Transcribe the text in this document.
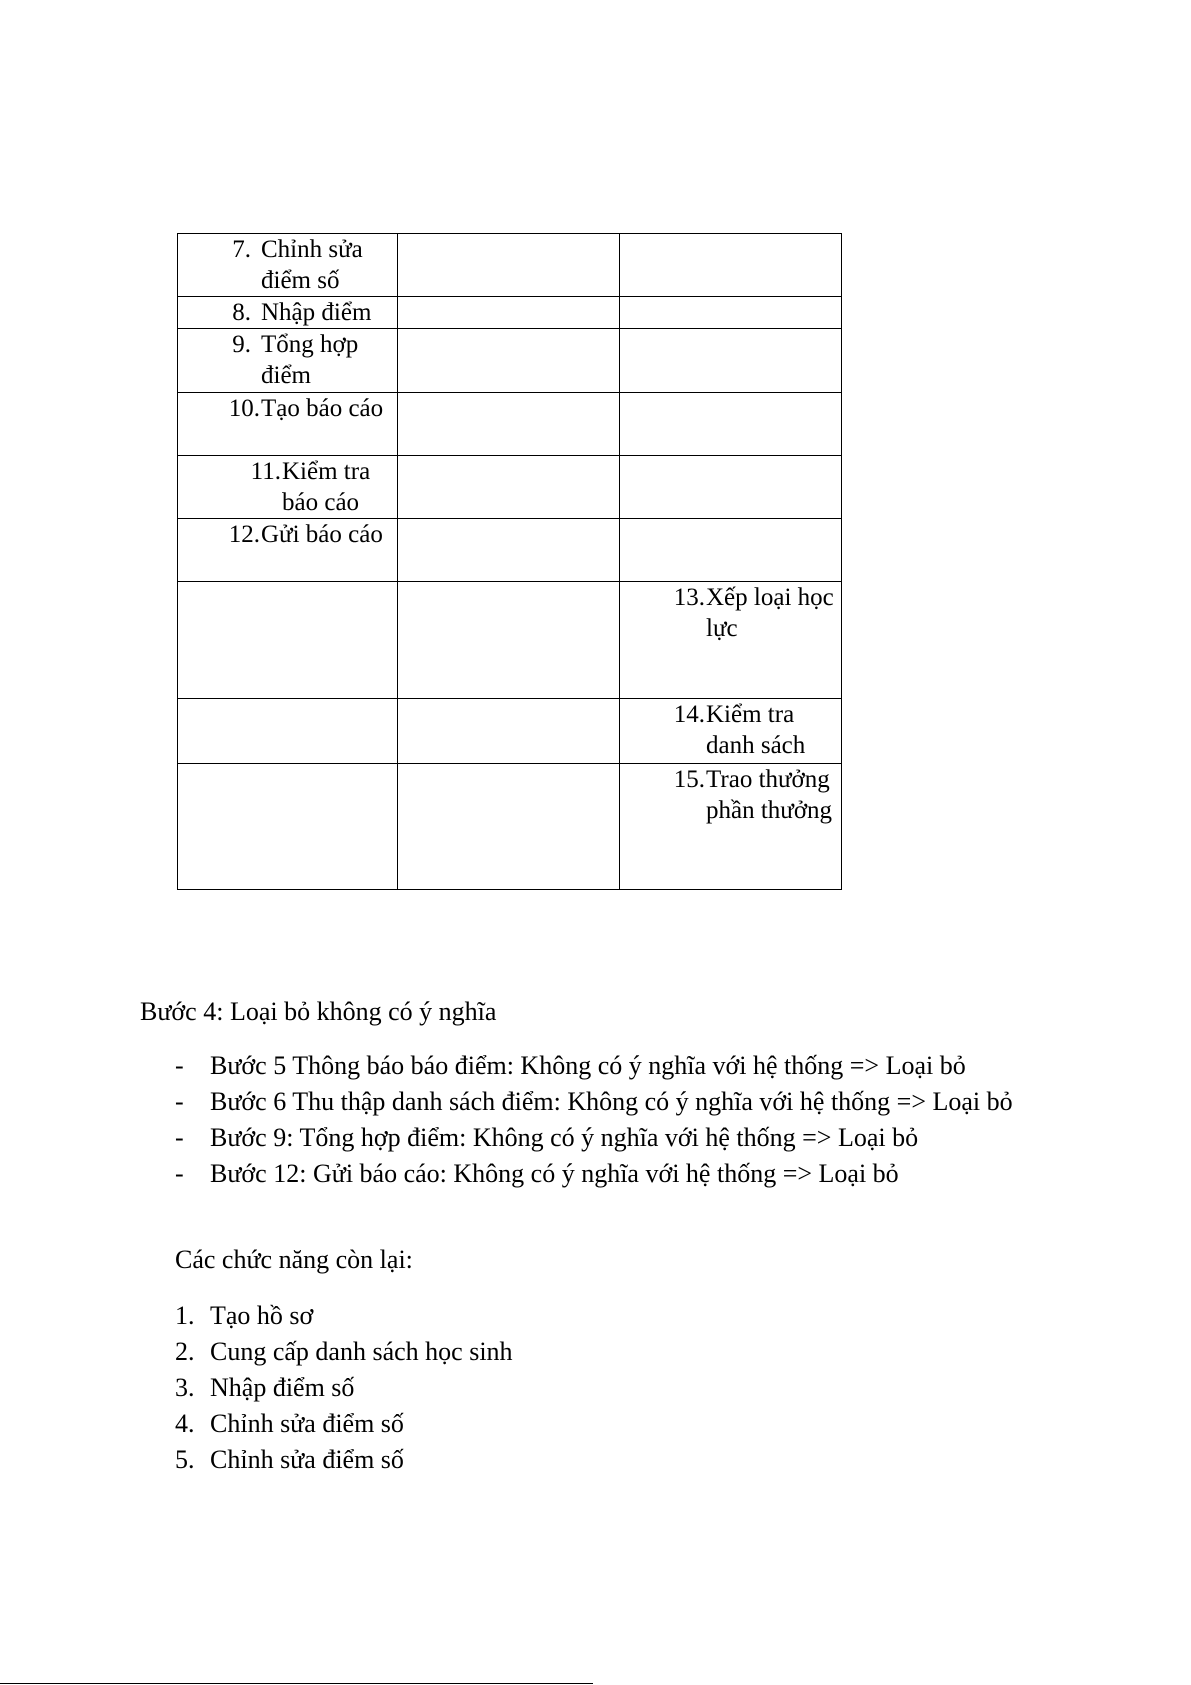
7. Chỉnh sửa điểm số		

8. Nhập điểm		

9. Tổng hợp điểm		

10. Tạo báo cáo		

11. Kiểm tra báo cáo		

12. Gửi báo cáo		

		13. Xếp loại học lực

		14. Kiểm tra danh sách

		15. Trao thưởng phần thưởng
Bước 4: Loại bỏ không có ý nghĩa
-	Bước 5 Thông báo báo điểm: Không có ý nghĩa với hệ thống => Loại bỏ
-	Bước 6 Thu thập danh sách điểm: Không có ý nghĩa với hệ thống => Loại bỏ
-	Bước 9: Tổng hợp điểm: Không có ý nghĩa với hệ thống => Loại bỏ
-	Bước 12: Gửi báo cáo: Không có ý nghĩa với hệ thống => Loại bỏ
Các chức năng còn lại:
1. Tạo hồ sơ
2. Cung cấp danh sách học sinh
3. Nhập điểm số
4. Chỉnh sửa điểm số
5. Chỉnh sửa điểm số
